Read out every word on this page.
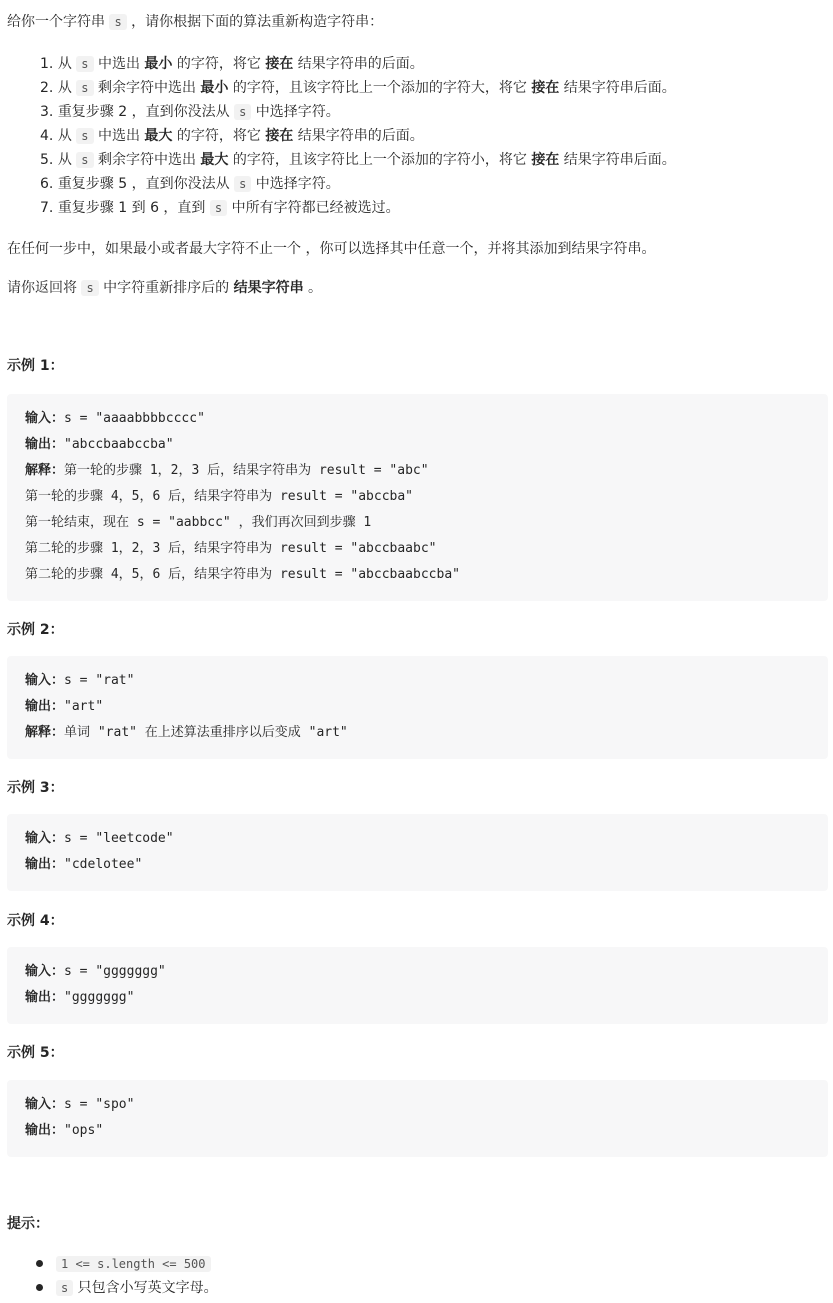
给你一个字符串 s ，请你根据下面的算法重新构造字符串：

1. 从 s 中选出 最小 的字符，将它 接在 结果字符串的后面。
2. 从 s 剩余字符中选出 最小 的字符，且该字符比上一个添加的字符大，将它 接在 结果字符串后面。
3. 重复步骤 2 ，直到你没法从 s 中选择字符。
4. 从 s 中选出 最大 的字符，将它 接在 结果字符串的后面。
5. 从 s 剩余字符中选出 最大 的字符，且该字符比上一个添加的字符小，将它 接在 结果字符串后面。
6. 重复步骤 5 ，直到你没法从 s 中选择字符。
7. 重复步骤 1 到 6 ，直到 s 中所有字符都已经被选过。

在任何一步中，如果最小或者最大字符不止一个 ，你可以选择其中任意一个，并将其添加到结果字符串。

请你返回将 s 中字符重新排序后的 结果字符串 。

示例 1：
输入：s = "aaaabbbbcccc"
输出："abccbaabccba"
解释：第一轮的步骤 1，2，3 后，结果字符串为 result = "abc"
第一轮的步骤 4，5，6 后，结果字符串为 result = "abccba"
第一轮结束，现在 s = "aabbcc" ，我们再次回到步骤 1
第二轮的步骤 1，2，3 后，结果字符串为 result = "abccbaabc"
第二轮的步骤 4，5，6 后，结果字符串为 result = "abccbaabccba"
示例 2：
输入：s = "rat"
输出："art"
解释：单词 "rat" 在上述算法重排序以后变成 "art"
示例 3：
输入：s = "leetcode"
输出："cdelotee"
示例 4：
输入：s = "ggggggg"
输出："ggggggg"
示例 5：
输入：s = "spo"
输出："ops"
提示：
1 <= s.length <= 500
s 只包含小写英文字母。
